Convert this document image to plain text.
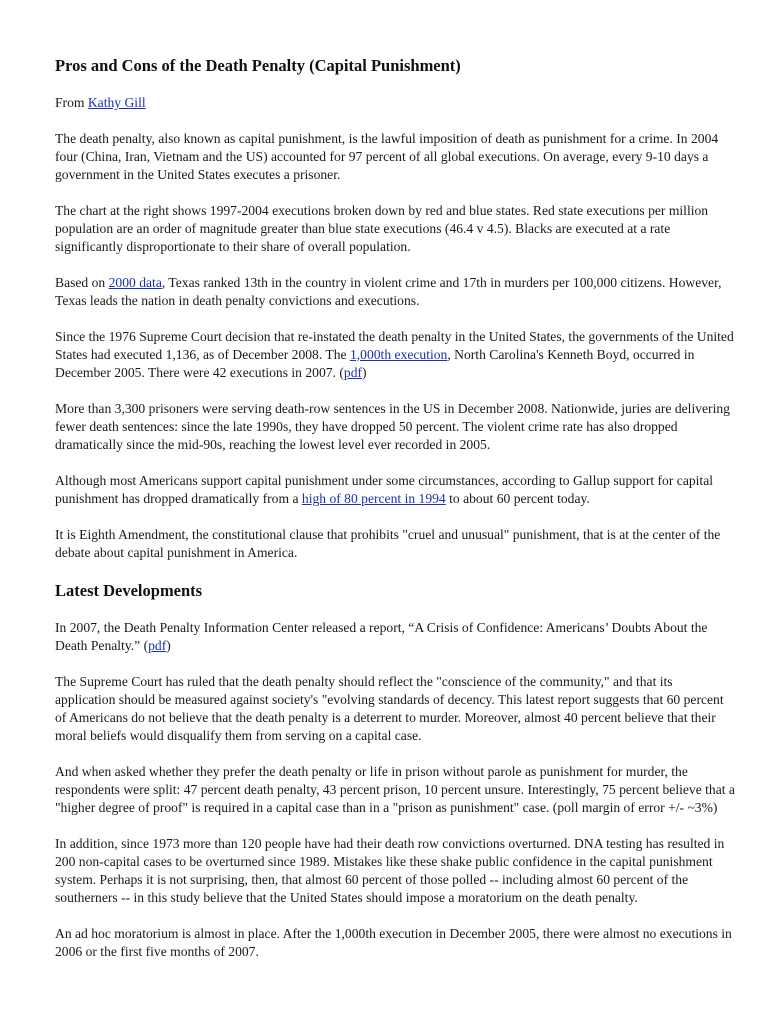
Pros and Cons of the Death Penalty (Capital Punishment)

From Kathy Gill

The death penalty, also known as capital punishment, is the lawful imposition of death as punishment for a crime. In 2004 four (China, Iran, Vietnam and the US) accounted for 97 percent of all global executions. On average, every 9-10 days a government in the United States executes a prisoner.

The chart at the right shows 1997-2004 executions broken down by red and blue states. Red state executions per million population are an order of magnitude greater than blue state executions (46.4 v 4.5). Blacks are executed at a rate significantly disproportionate to their share of overall population.

Based on 2000 data, Texas ranked 13th in the country in violent crime and 17th in murders per 100,000 citizens. However, Texas leads the nation in death penalty convictions and executions.

Since the 1976 Supreme Court decision that re-instated the death penalty in the United States, the governments of the United States had executed 1,136, as of December 2008. The 1,000th execution, North Carolina's Kenneth Boyd, occurred in December 2005. There were 42 executions in 2007. (pdf)

More than 3,300 prisoners were serving death-row sentences in the US in December 2008. Nationwide, juries are delivering fewer death sentences: since the late 1990s, they have dropped 50 percent. The violent crime rate has also dropped dramatically since the mid-90s, reaching the lowest level ever recorded in 2005.

Although most Americans support capital punishment under some circumstances, according to Gallup support for capital punishment has dropped dramatically from a high of 80 percent in 1994 to about 60 percent today.

It is Eighth Amendment, the constitutional clause that prohibits "cruel and unusual" punishment, that is at the center of the debate about capital punishment in America.

Latest Developments

In 2007, the Death Penalty Information Center released a report, “A Crisis of Confidence: Americans’ Doubts About the Death Penalty.” (pdf)

The Supreme Court has ruled that the death penalty should reflect the "conscience of the community," and that its application should be measured against society's "evolving standards of decency. This latest report suggests that 60 percent of Americans do not believe that the death penalty is a deterrent to murder. Moreover, almost 40 percent believe that their moral beliefs would disqualify them from serving on a capital case.

And when asked whether they prefer the death penalty or life in prison without parole as punishment for murder, the respondents were split: 47 percent death penalty, 43 percent prison, 10 percent unsure. Interestingly, 75 percent believe that a "higher degree of proof" is required in a capital case than in a "prison as punishment" case. (poll margin of error +/- ~3%)

In addition, since 1973 more than 120 people have had their death row convictions overturned. DNA testing has resulted in 200 non-capital cases to be overturned since 1989. Mistakes like these shake public confidence in the capital punishment system. Perhaps it is not surprising, then, that almost 60 percent of those polled -- including almost 60 percent of the southerners -- in this study believe that the United States should impose a moratorium on the death penalty.

An ad hoc moratorium is almost in place. After the 1,000th execution in December 2005, there were almost no executions in 2006 or the first five months of 2007.
